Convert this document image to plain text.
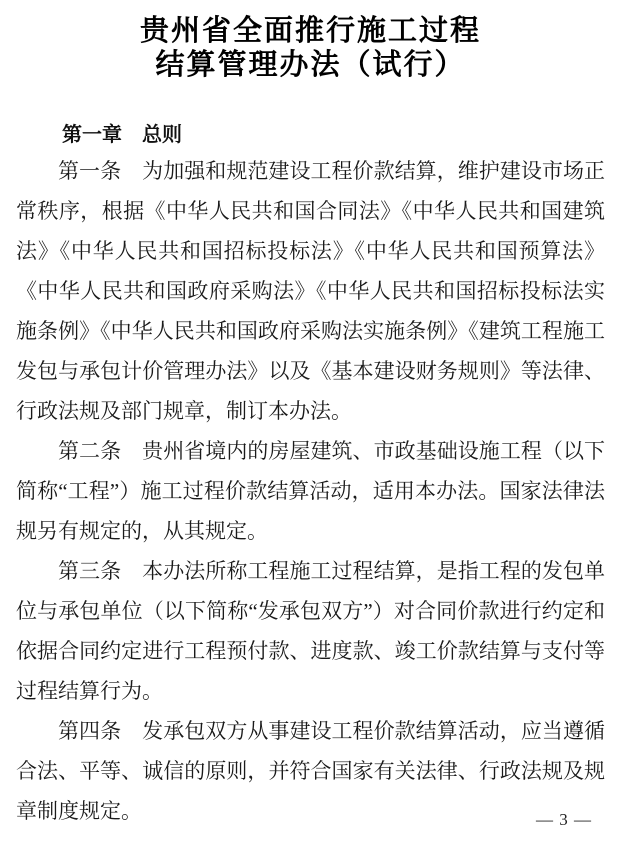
贵州省全面推行施工过程
结算管理办法（试行）
第一章　总则

第一条　为加强和规范建设工程价款结算，维护建设市场正常秩序，根据《中华人民共和国合同法》《中华人民共和国建筑法》《中华人民共和国招标投标法》《中华人民共和国预算法》《中华人民共和国政府采购法》《中华人民共和国招标投标法实施条例》《中华人民共和国政府采购法实施条例》《建筑工程施工发包与承包计价管理办法》以及《基本建设财务规则》等法律、行政法规及部门规章，制订本办法。

第二条　贵州省境内的房屋建筑、市政基础设施工程（以下简称“工程”）施工过程价款结算活动，适用本办法。国家法律法规另有规定的，从其规定。

第三条　本办法所称工程施工过程结算，是指工程的发包单位与承包单位（以下简称“发承包双方”）对合同价款进行约定和依据合同约定进行工程预付款、进度款、竣工价款结算与支付等过程结算行为。

第四条　发承包双方从事建设工程价款结算活动，应当遵循合法、平等、诚信的原则，并符合国家有关法律、行政法规及规章制度规定。	— 3 —
